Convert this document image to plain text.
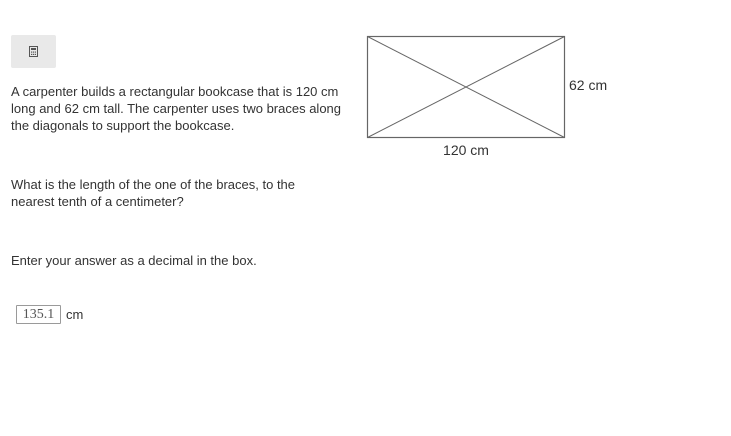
A carpenter builds a rectangular bookcase that is 120 cm long and 62 cm tall. The carpenter uses two braces along the diagonals to support the bookcase.

What is the length of the one of the braces, to the nearest tenth of a centimeter?

Enter your answer as a decimal in the box.

135.1
cm
62 cm
120 cm
